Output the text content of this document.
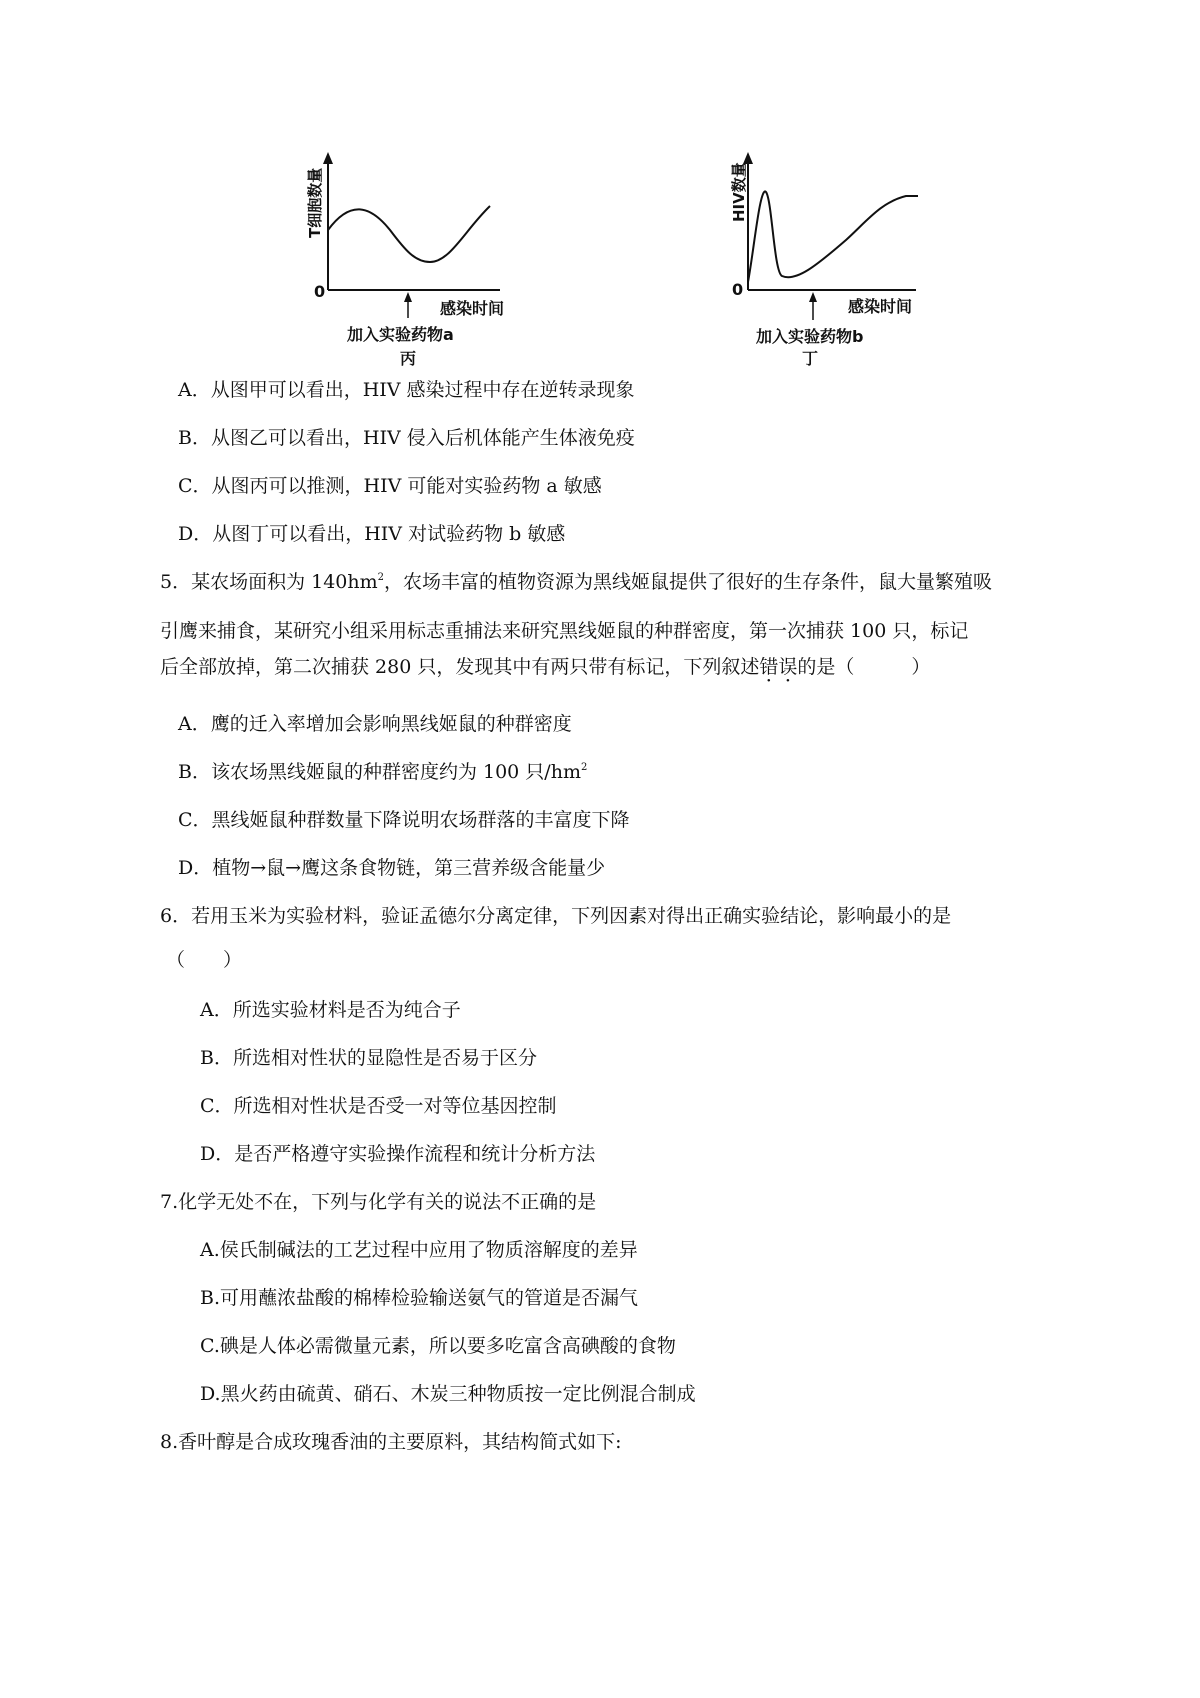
T细胞数量
0
感染时间
加入实验药物a
丙
HIV数量
0
感染时间
加入实验药物b
丁
A．从图甲可以看出，HIV 感染过程中存在逆转录现象
B．从图乙可以看出，HIV 侵入后机体能产生体液免疫
C．从图丙可以推测，HIV 可能对实验药物 a 敏感
D．从图丁可以看出，HIV 对试验药物 b 敏感
5．某农场面积为 $140hm^2$，农场丰富的植物资源为黑线姬鼠提供了很好的生存条件，鼠大量繁殖吸
引鹰来捕食，某研究小组采用标志重捕法来研究黑线姬鼠的种群密度，第一次捕获 100 只，标记
后全部放掉，第二次捕获 280 只，发现其中有两只带有标记，下列叙述错误的是（　　　）
A．鹰的迁入率增加会影响黑线姬鼠的种群密度
B．该农场黑线姬鼠的种群密度约为 100 只$/hm^2$
C．黑线姬鼠种群数量下降说明农场群落的丰富度下降
D．植物→鼠→鹰这条食物链，第三营养级含能量少
6．若用玉米为实验材料，验证孟德尔分离定律，下列因素对得出正确实验结论，影响最小的是
（　　）
A．所选实验材料是否为纯合子
B．所选相对性状的显隐性是否易于区分
C．所选相对性状是否受一对等位基因控制
D．是否严格遵守实验操作流程和统计分析方法
7.化学无处不在，下列与化学有关的说法不正确的是
A.侯氏制碱法的工艺过程中应用了物质溶解度的差异
B.可用蘸浓盐酸的棉棒检验输送氨气的管道是否漏气
C.碘是人体必需微量元素，所以要多吃富含高碘酸的食物
D.黑火药由硫黄、硝石、木炭三种物质按一定比例混合制成
8.香叶醇是合成玫瑰香油的主要原料，其结构简式如下:
